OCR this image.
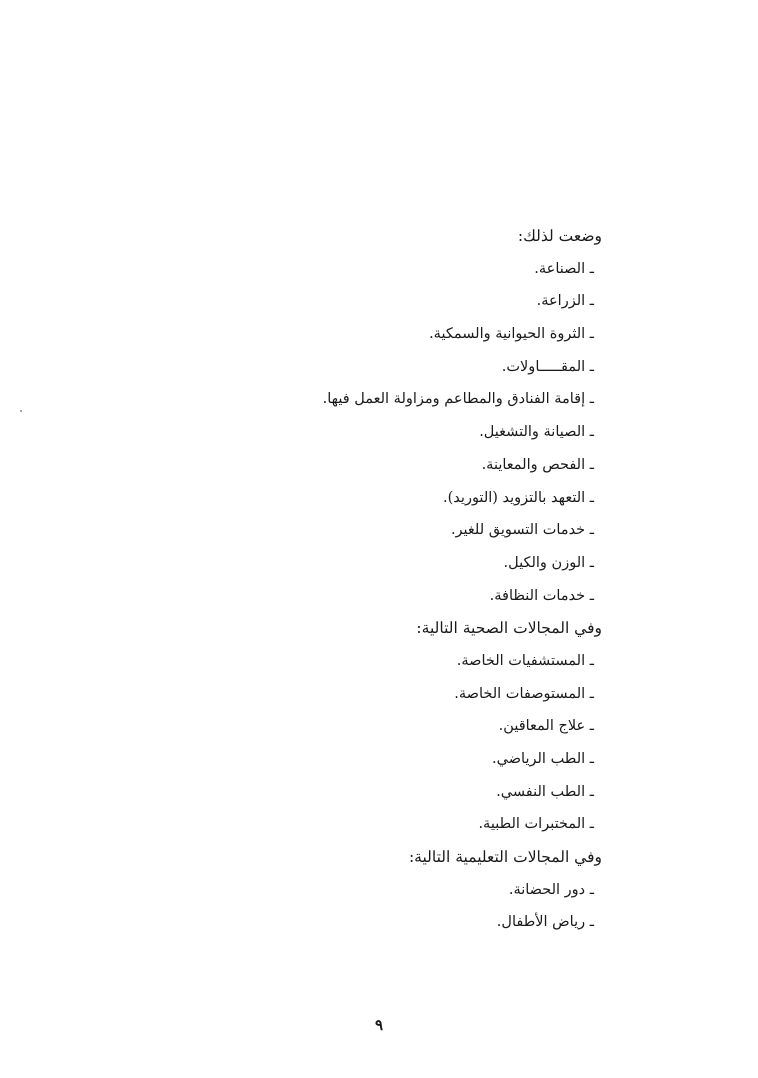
وضعت لذلك:
ـ الصناعة.
ـ الزراعة.
ـ الثروة الحيوانية والسمكية.
ـ المقـــــاولات.
ـ إقامة الفنادق والمطاعم ومزاولة العمل فيها.
ـ الصيانة والتشغيل.
ـ الفحص والمعاينة.
ـ التعهد بالتزويد (التوريد).
ـ خدمات التسويق للغير.
ـ الوزن والكيل.
ـ خدمات النظافة.
وفي المجالات الصحية التالية:
ـ المستشفيات الخاصة.
ـ المستوصفات الخاصة.
ـ علاج المعاقين.
ـ الطب الرياضي.
ـ الطب النفسي.
ـ المختبرات الطبية.
وفي المجالات التعليمية التالية:
ـ دور الحضانة.
ـ رياض الأطفال.
٩
